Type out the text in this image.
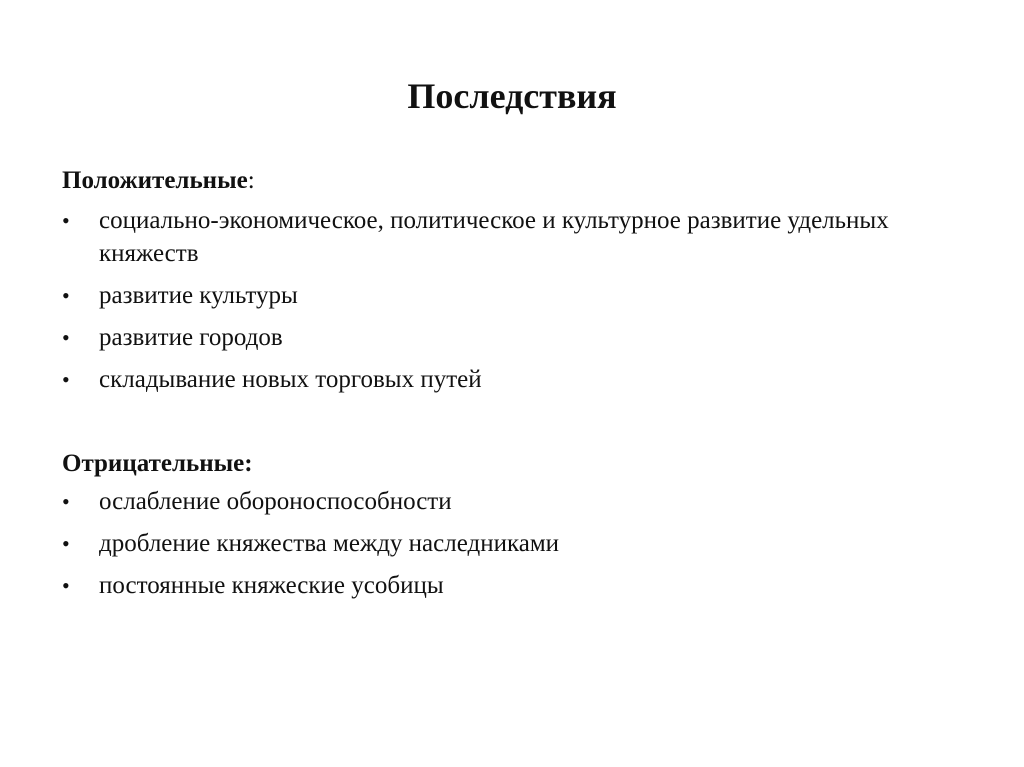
Последствия
Положительные:
• социально-экономическое, политическое и культурное развитие удельных княжеств
• развитие культуры
• развитие городов
• складывание новых торговых путей
Отрицательные:
• ослабление обороноспособности
• дробление княжества между наследниками
• постоянные княжеские усобицы
